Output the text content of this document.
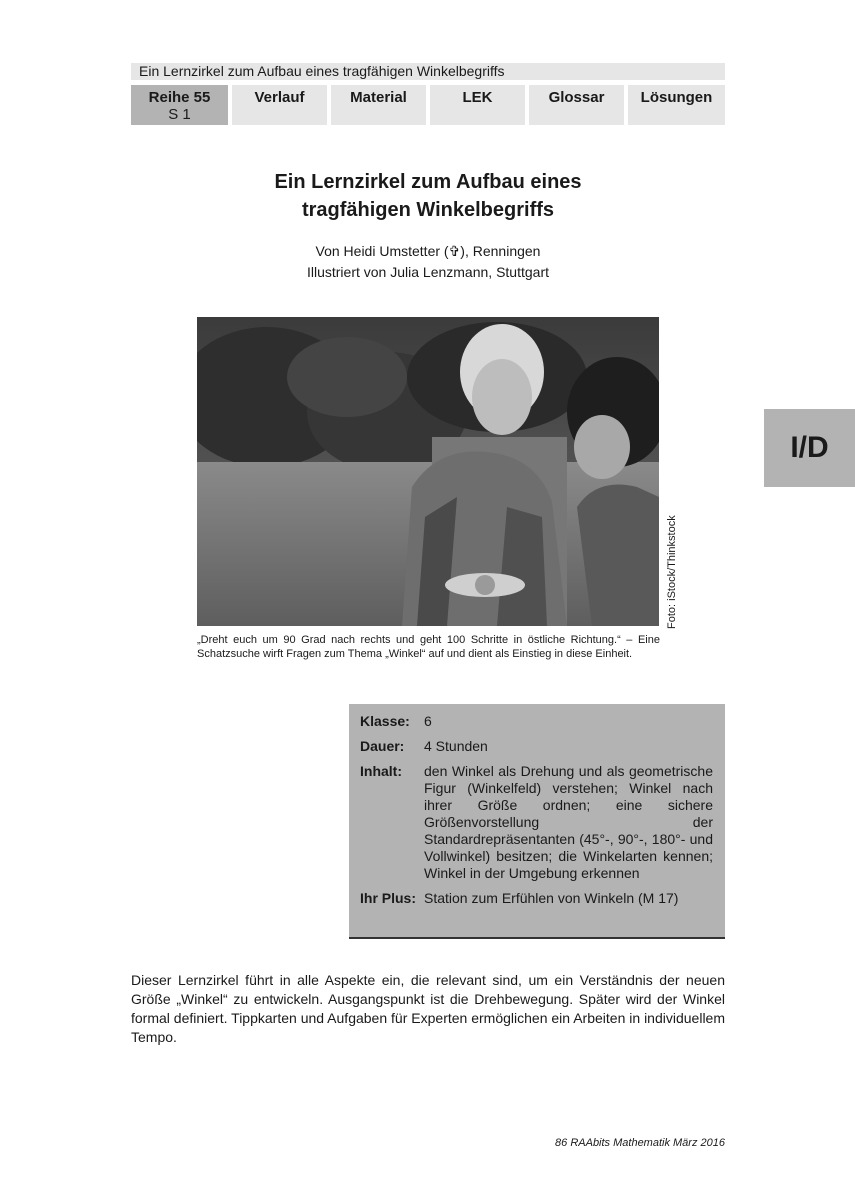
Ein Lernzirkel zum Aufbau eines tragfähigen Winkelbegriffs
Reihe 55
S 1
Verlauf	Material	LEK	Glossar	Lösungen
I/D
Ein Lernzirkel zum Aufbau eines
tragfähigen Winkelbegriffs
Von Heidi Umstetter (✞), Renningen
Illustriert von Julia Lenzmann, Stuttgart
Foto: iStock/Thinkstock
„Dreht euch um 90 Grad nach rechts und geht 100 Schritte in östliche Richtung.“ – Eine Schatzsuche wirft Fragen zum Thema „Winkel“ auf und dient als Einstieg in diese Einheit.
Klasse:	6
Dauer:	4 Stunden
Inhalt:	den Winkel als Drehung und als geometrische Figur (Winkelfeld) verstehen; Winkel nach ihrer Größe ordnen; eine sichere Größenvorstellung der Standardrepräsentanten (45°-, 90°-, 180°- und Vollwinkel) besitzen; die Winkelarten kennen; Winkel in der Umgebung erkennen
Ihr Plus: Station zum Erfühlen von Winkeln (M 17)
Dieser Lernzirkel führt in alle Aspekte ein, die relevant sind, um ein Verständnis der neuen Größe „Winkel“ zu entwickeln. Ausgangspunkt ist die Drehbewegung. Später wird der Winkel formal definiert. Tippkarten und Aufgaben für Experten ermöglichen ein Arbeiten in individuellem Tempo.
86 RAAbits Mathematik März 2016
